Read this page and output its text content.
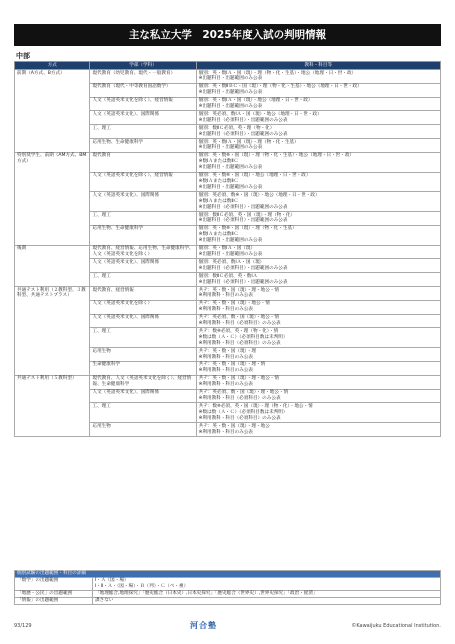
主な私立大学　2025年度入試の判明情報
中部
方式	学部（学科）	教科・科目等
前期（A方式、B方式）	現代教育（幼児教育、現代・一般教育）	個別：英・数ⅠＡ・国（現）・理（物・化・生基）・地公（地理・日・世・政）
※出題科目・出題範囲のみ公表

	現代教育（現代・中等教育国語数学）	個別：英・数ⅡＢＣ・国（現）・理（物・化・生基）・地公（地理・日・世・政）
※出題科目・出題範囲のみ公表

	人文（英語英米文化を除く）、経営情報	個別：英・数ⅠＡ・国（現）・地公（地理・日・世・政）
※出題科目・出題範囲のみ公表

	人文（英語英米文化）、国際関係	個別：英必須、数ⅠＡ・国（現）・地公（地理・日・世・政）
※出題科目（必須科目）・出題範囲のみ公表

	工、理工	個別：数ⅡＣ必須、英・理（物・化）
※出題科目（必須科目）・出題範囲のみ公表

	応用生物、生命健康科学	個別：英・数ⅠＡ・国（現）・理（物・化・生基）
※出題科目・出題範囲のみ公表

特別奨学生、前期（AM方式、BM方式）	現代教育	個別：英・数※・国（現）・理（物・化・生基）・地公（地理・日・世・政）
※数ⅠＡまたは数ⅡＣ
※出題科目・出題範囲のみ公表

	人文（英語英米文化を除く）、経営情報	個別：英・数※・国（現）・地公（地理・日・世・政）
※数ⅠＡまたは数ⅡＣ
※出題科目・出題範囲のみ公表

	人文（英語英米文化）、国際関係	個別：英必須、数※・国（現）・地公（地理・日・世・政）
※数ⅠＡまたは数ⅡＣ
※出題科目（必須科目）・出題範囲のみ公表

	工、理工	個別：数ⅡＣ必須、英・国（現）・理（物・化）
※出題科目（必須科目）・出題範囲のみ公表

	応用生物、生命健康科学	個別：英・数※・国（現）・理（物・化・生基）
※数ⅠＡまたは数ⅡＣ
※出題科目・出題範囲のみ公表

後期	現代教育、経営情報、応用生物、生命健康科学、人文（英語英米文化を除く）	個別：英・数ⅠＡ・国（現）
※出題科目・出題範囲のみ公表

	人文（英語英米文化）、国際関係	個別：英必須、数ⅠＡ・国（現）
※出題科目（必須科目）・出題範囲のみ公表

	工、理工	個別：数ⅡＣ必須、英・数ⅠＡ
※出題科目（必須科目）・出題範囲のみ公表

共通テスト利用（２教科型、３教科型、共通テストプラス）	現代教育、経営情報	共テ：英・数・国（現）・理・地公・情
※利用教科・科目のみ公表

	人文（英語英米文化を除く）	共テ：英・数・国（現）・地公・情
※利用教科・科目のみ公表

	人文（英語英米文化）、国際関係	共テ：英必須、数・国（現）・地公・情
※利用教科・科目（必須科目）のみ公表

	工、理工	共テ：数※必須、英・理（物・化）・情
※数は数（Ａ・Ｃ）（必須科目数は未判明）
※利用教科・科目（必須科目）のみ公表

	応用生物	共テ：英・数・国（現）・理
※利用教科・科目のみ公表

	生命健康科学	共テ：英・数・国（現）・理・情
※利用教科・科目のみ公表

共通テスト利用（５教科型）	現代教育、人文（英語英米文化を除く）、経営情報、生命健康科学	共テ：英・数・国（現）・理・地公・情
※利用教科・科目のみ公表

	人文（英語英米文化）、国際関係	共テ：英必須、数・国（現）・理・地公・情
※利用教科・科目（必須科目）のみ公表

	工、理工	共テ：数※必須、英・国（現）・理（物・化）・地公・情
※数は数（Ａ・Ｃ）（必須科目数は未判明）
※利用教科・科目（必須科目）のみ公表

	応用生物	共テ：英・数・国（現）・理・地公
※利用教科・科目のみ公表
個別試験の出題範囲・科目の詳細	
「数学」の出題範囲	Ⅰ・Ａ（図・場）
Ⅰ・Ⅱ・Ａ・（図・場）・Ｂ（列）・Ｃ（ベ・複）

「地歴・公民」の出題範囲	「地理総合,地理探究」「歴史総合（日本史）,日本史探究」「歴史総合（世界史）,世界史探究」「政治・経済」

「情報」の出題範囲	課さない
93/129	河合塾	©Kawaijuku Educational Institution.
